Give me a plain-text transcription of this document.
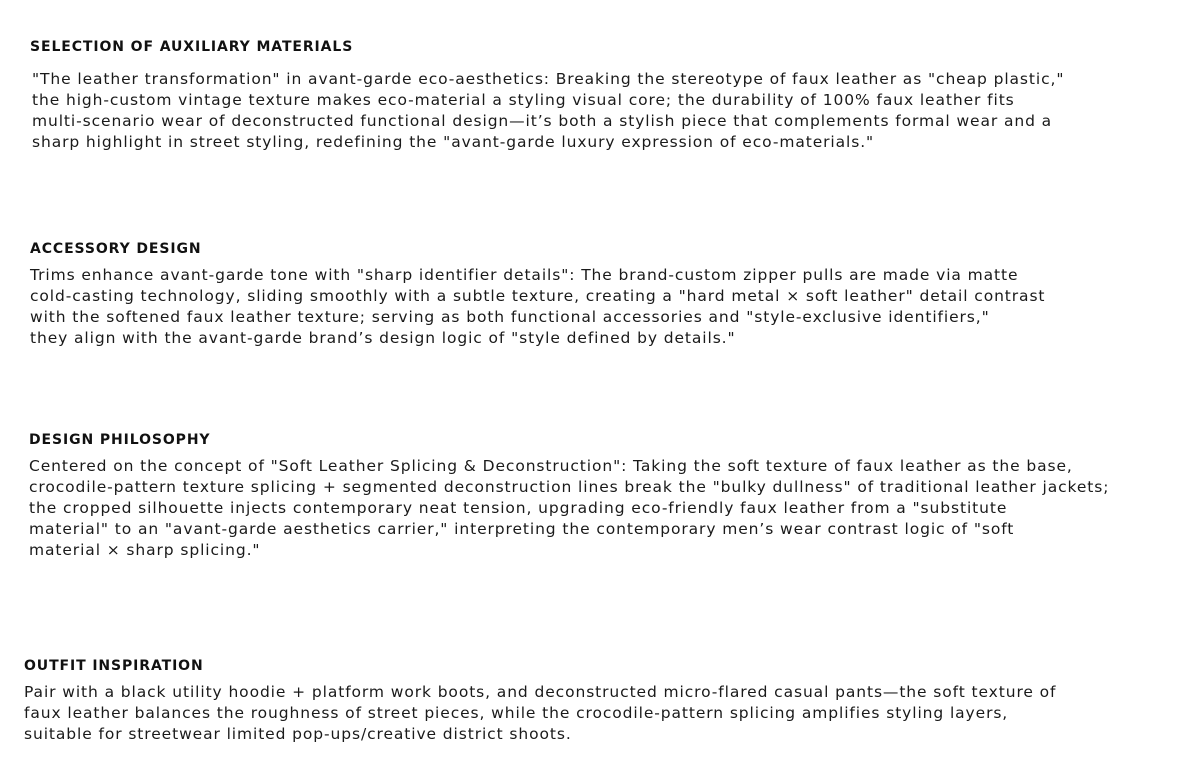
SELECTION OF AUXILIARY MATERIALS

"The leather transformation" in avant-garde eco-aesthetics: Breaking the stereotype of faux leather as "cheap plastic,"
the high-custom vintage texture makes eco-material a styling visual core; the durability of 100% faux leather fits
multi-scenario wear of deconstructed functional design—it’s both a stylish piece that complements formal wear and a
sharp highlight in street styling, redefining the "avant-garde luxury expression of eco-materials."

ACCESSORY DESIGN

Trims enhance avant-garde tone with "sharp identifier details": The brand-custom zipper pulls are made via matte
cold-casting technology, sliding smoothly with a subtle texture, creating a "hard metal × soft leather" detail contrast
with the softened faux leather texture; serving as both functional accessories and "style-exclusive identifiers,"
they align with the avant-garde brand’s design logic of "style defined by details."

DESIGN PHILOSOPHY

Centered on the concept of "Soft Leather Splicing & Deconstruction": Taking the soft texture of faux leather as the base,
crocodile-pattern texture splicing + segmented deconstruction lines break the "bulky dullness" of traditional leather jackets;
the cropped silhouette injects contemporary neat tension, upgrading eco-friendly faux leather from a "substitute
material" to an "avant-garde aesthetics carrier," interpreting the contemporary men’s wear contrast logic of "soft
material × sharp splicing."

OUTFIT INSPIRATION

Pair with a black utility hoodie + platform work boots, and deconstructed micro-flared casual pants—the soft texture of
faux leather balances the roughness of street pieces, while the crocodile-pattern splicing amplifies styling layers,
suitable for streetwear limited pop-ups/creative district shoots.
